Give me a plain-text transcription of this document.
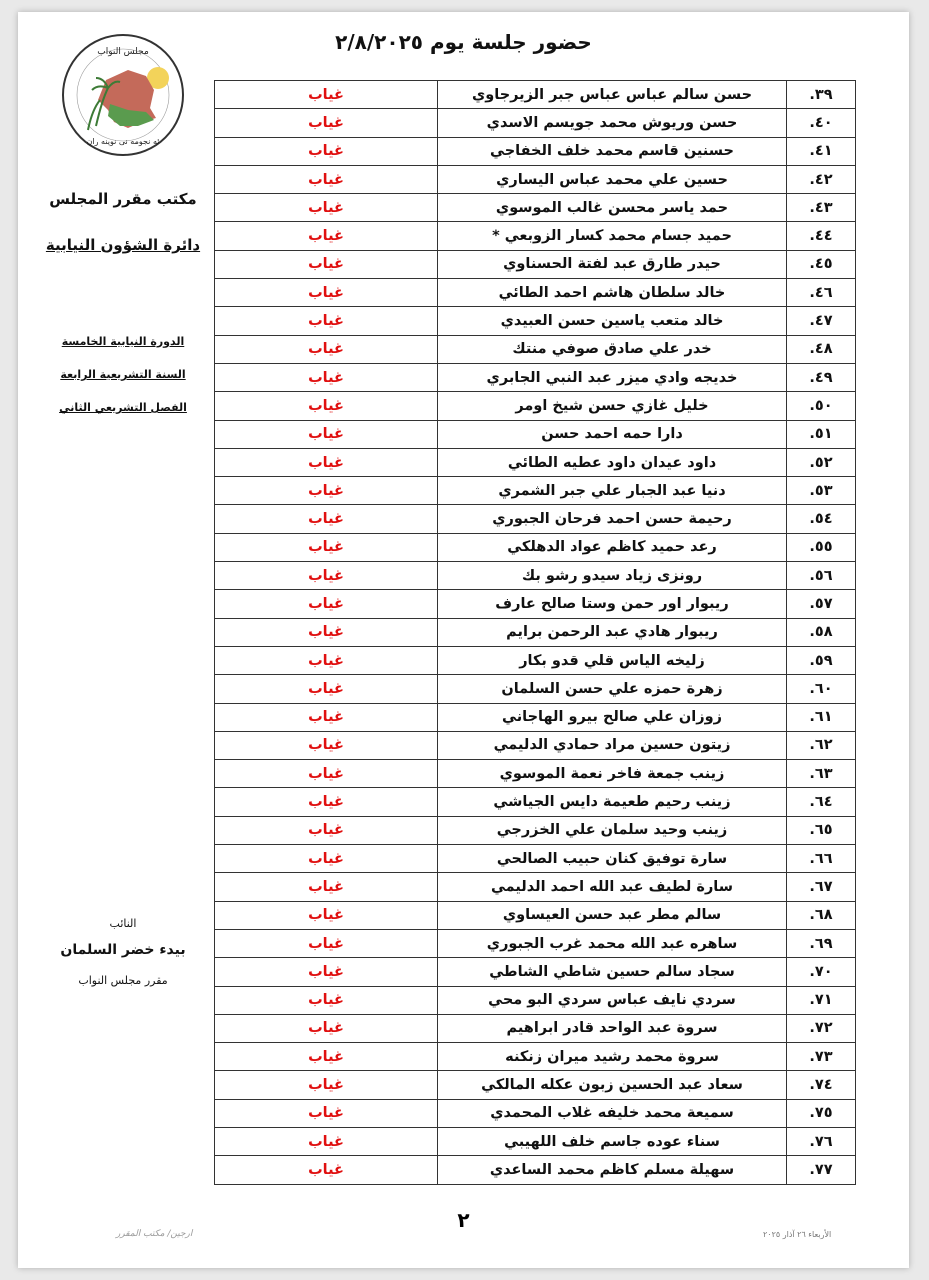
حضور جلسة يوم ٢/٨/٢٠٢٥
مجلس النواب
ئه نجومه نی نوینه ران
مكتب مقرر المجلس
دائرة الشؤون النيابية
الدورة النيابية الخامسة
السنة التشريعية الرابعة
الفصل التشريعي الثاني
النائب
بيدء خضر السلمان
مقرر مجلس النواب
٣٩.	حسن سالم عباس عباس جبر الزيرجاوي	غياب
٤٠.	حسن وريوش محمد جويسم الاسدي	غياب
٤١.	حسنين قاسم محمد خلف الخفاجي	غياب
٤٢.	حسين علي محمد عباس اليساري	غياب
٤٣.	حمد ياسر محسن غالب الموسوي	غياب
٤٤.	حميد جسام محمد كسار الزوبعي *	غياب
٤٥.	حيدر طارق عبد لفتة الحسناوي	غياب
٤٦.	خالد سلطان هاشم احمد الطائي	غياب
٤٧.	خالد متعب ياسين حسن العبيدي	غياب
٤٨.	خدر علي صادق صوفي منتك	غياب
٤٩.	خديجه وادي ميزر عبد النبي الجابري	غياب
٥٠.	خليل غازي حسن شيخ اومر	غياب
٥١.	دارا حمه احمد حسن	غياب
٥٢.	داود عيدان داود عطيه الطائي	غياب
٥٣.	دنيا عبد الجبار علي جبر الشمري	غياب
٥٤.	رحيمة حسن احمد فرحان الجبوري	غياب
٥٥.	رعد حميد كاظم عواد الدهلكي	غياب
٥٦.	رونزى زياد سيدو رشو بك	غياب
٥٧.	ريبوار اور حمن وستا صالح عارف	غياب
٥٨.	ريبوار هادي عبد الرحمن برايم	غياب
٥٩.	زليخه الياس قلي قدو بكار	غياب
٦٠.	زهرة حمزه علي حسن السلمان	غياب
٦١.	زوزان علي صالح بيرو الهاجاني	غياب
٦٢.	زيتون حسين مراد حمادي الدليمي	غياب
٦٣.	زينب جمعة فاخر نعمة الموسوي	غياب
٦٤.	زينب رحيم طعيمة دايس الجياشي	غياب
٦٥.	زينب وحيد سلمان علي الخزرجي	غياب
٦٦.	سارة توفيق كنان حبيب الصالحي	غياب
٦٧.	سارة لطيف عبد الله احمد الدليمي	غياب
٦٨.	سالم مطر عبد حسن العيساوي	غياب
٦٩.	ساهره عبد الله محمد غرب الجبوري	غياب
٧٠.	سجاد سالم حسين شاطي الشاطي	غياب
٧١.	سردي نايف عباس سردي البو محي	غياب
٧٢.	سروة عبد الواحد قادر ابراهيم	غياب
٧٣.	سروة محمد رشيد ميران زنكنه	غياب
٧٤.	سعاد عبد الحسين زبون عكله المالكي	غياب
٧٥.	سميعة محمد خليفه غلاب المحمدي	غياب
٧٦.	سناء عوده جاسم خلف اللهيبي	غياب
٧٧.	سهيلة مسلم كاظم محمد الساعدي	غياب
٢
ارجين/ مكتب المقرر	الأربعاء ٢٦ آذار ٢٠٢٥
